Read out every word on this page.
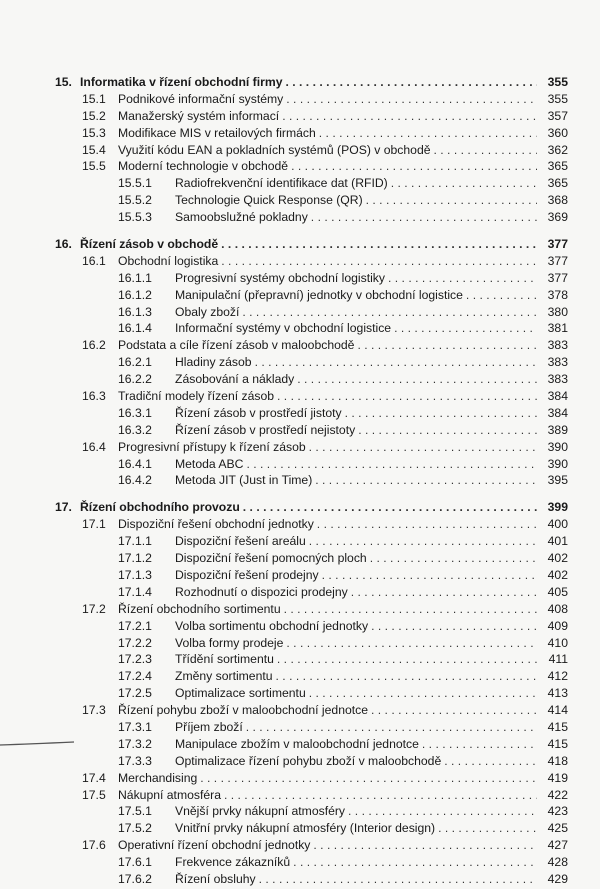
15. Informatika v řízení obchodní firmy . . .	355
15.1 Podnikové informační systémy . . .	355
15.2 Manažerský systém informací . . .	357
15.3 Modifikace MIS v retailových firmách . . .	360
15.4 Využití kódu EAN a pokladních systémů (POS) v obchodě . . .	362
15.5 Moderní technologie v obchodě . . .	365
15.5.1 Radiofrekvenční identifikace dat (RFID) . . .	365
15.5.2 Technologie Quick Response (QR) . . .	368
15.5.3 Samoobslužné pokladny . . .	369
16. Řízení zásob v obchodě . . .	377
16.1 Obchodní logistika . . .	377
16.1.1 Progresivní systémy obchodní logistiky . . .	377
16.1.2 Manipulační (přepravní) jednotky v obchodní logistice . . .	378
16.1.3 Obaly zboží . . .	380
16.1.4 Informační systémy v obchodní logistice . . .	381
16.2 Podstata a cíle řízení zásob v maloobchodě . . .	383
16.2.1 Hladiny zásob . . .	383
16.2.2 Zásobování a náklady . . .	383
16.3 Tradiční modely řízení zásob . . .	384
16.3.1 Řízení zásob v prostředí jistoty . . .	384
16.3.2 Řízení zásob v prostředí nejistoty . . .	389
16.4 Progresivní přístupy k řízení zásob . . .	390
16.4.1 Metoda ABC . . .	390
16.4.2 Metoda JIT (Just in Time) . . .	395
17. Řízení obchodního provozu . . .	399
17.1 Dispoziční řešení obchodní jednotky . . .	400
17.1.1 Dispoziční řešení areálu . . .	401
17.1.2 Dispoziční řešení pomocných ploch . . .	402
17.1.3 Dispoziční řešení prodejny . . .	402
17.1.4 Rozhodnutí o dispozici prodejny . . .	405
17.2 Řízení obchodního sortimentu . . .	408
17.2.1 Volba sortimentu obchodní jednotky . . .	409
17.2.2 Volba formy prodeje . . .	410
17.2.3 Třídění sortimentu . . .	411
17.2.4 Změny sortimentu . . .	412
17.2.5 Optimalizace sortimentu . . .	413
17.3 Řízení pohybu zboží v maloobchodní jednotce . . .	414
17.3.1 Příjem zboží . . .	415
17.3.2 Manipulace zbožím v maloobchodní jednotce . . .	415
17.3.3 Optimalizace řízení pohybu zboží v maloobchodě . . .	418
17.4 Merchandising . . .	419
17.5 Nákupní atmosféra . . .	422
17.5.1 Vnější prvky nákupní atmosféry . . .	423
17.5.2 Vnitřní prvky nákupní atmosféry (Interior design) . . .	425
17.6 Operativní řízení obchodní jednotky . . .	427
17.6.1 Frekvence zákazníků . . .	428
17.6.2 Řízení obsluhy . . .	429
